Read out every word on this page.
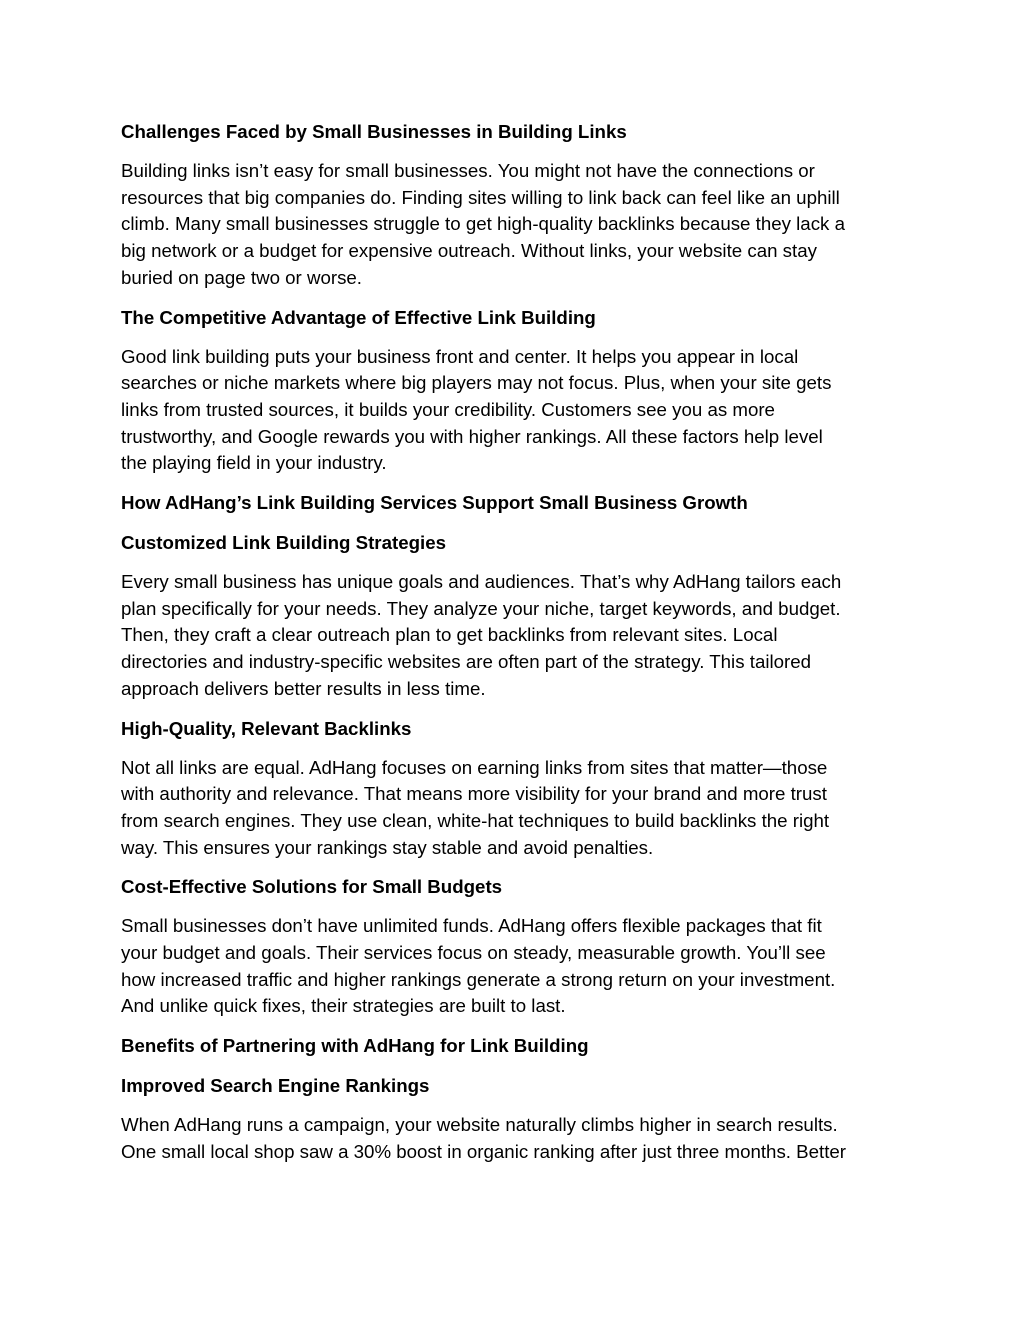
Challenges Faced by Small Businesses in Building Links
Building links isn’t easy for small businesses. You might not have the connections or
resources that big companies do. Finding sites willing to link back can feel like an uphill
climb. Many small businesses struggle to get high-quality backlinks because they lack a
big network or a budget for expensive outreach. Without links, your website can stay
buried on page two or worse.
The Competitive Advantage of Effective Link Building
Good link building puts your business front and center. It helps you appear in local
searches or niche markets where big players may not focus. Plus, when your site gets
links from trusted sources, it builds your credibility. Customers see you as more
trustworthy, and Google rewards you with higher rankings. All these factors help level
the playing field in your industry.
How AdHang’s Link Building Services Support Small Business Growth
Customized Link Building Strategies
Every small business has unique goals and audiences. That’s why AdHang tailors each
plan specifically for your needs. They analyze your niche, target keywords, and budget.
Then, they craft a clear outreach plan to get backlinks from relevant sites. Local
directories and industry-specific websites are often part of the strategy. This tailored
approach delivers better results in less time.
High-Quality, Relevant Backlinks
Not all links are equal. AdHang focuses on earning links from sites that matter—those
with authority and relevance. That means more visibility for your brand and more trust
from search engines. They use clean, white-hat techniques to build backlinks the right
way. This ensures your rankings stay stable and avoid penalties.
Cost-Effective Solutions for Small Budgets
Small businesses don’t have unlimited funds. AdHang offers flexible packages that fit
your budget and goals. Their services focus on steady, measurable growth. You’ll see
how increased traffic and higher rankings generate a strong return on your investment.
And unlike quick fixes, their strategies are built to last.
Benefits of Partnering with AdHang for Link Building
Improved Search Engine Rankings
When AdHang runs a campaign, your website naturally climbs higher in search results.
One small local shop saw a 30% boost in organic ranking after just three months. Better
